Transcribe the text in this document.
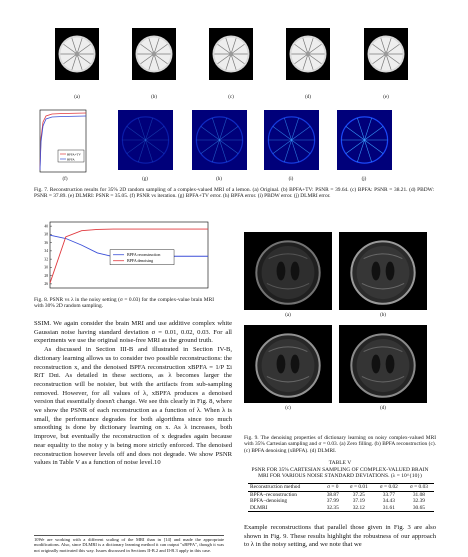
(a)	(b)	(c)	(d)	(e)
(g)	(h)	(i)	(j)
(f)
BPFA+TV
BPFA
Fig. 7. Reconstruction results for 35% 2D random sampling of a complex-valued MRI of a lemon. (a) Original. (b) BPFA+TV: PSNR = 39.64. (c) BPFA: PSNR = 38.21. (d) PBDW: PSNR = 37.89. (e) DLMRI: PSNR = 35.05. (f) PSNR vs iteration. (g) BPFA+TV error. (h) BPFA error. (i) PBDW error. (j) DLMRI error.
40
38
36
34
32
30
28
26
BPFA reconstruction
BPFA denoising
Fig. 8. PSNR vs λ in the noisy setting (σ = 0.03) for the complex-value brain MRI with 30% 2D random sampling.
(a)	(b)
(c)	(d)
Fig. 9. The denoising properties of dictionary learning on noisy complex-valued MRI with 35% Cartesian sampling and σ = 0.03. (a) Zero filling. (b) BPFA reconstruction (c). (c) BPFA denoising (xBPFA). (d) DLMRI.
TABLE V
PSNR FOR 35% CARTESIAN SAMPLING OF COMPLEX-VALUED BRAIN
MRI FOR VARIOUS NOISE STANDARD DEVIATIONS. (λ = 10^{10})
Reconstruction method	σ = 0	σ = 0.01	σ = 0.02	σ = 0.03
BPFA−reconstruction	38.87	37.25	33.77	31.08
BPFA−denoising	37.99	37.19	34.43	32.39
DLMRI	32.35	32.12	31.61	30.65

SSIM. We again consider the brain MRI and use additive complex white Gaussian noise having standard deviation σ = 0.01, 0.02, 0.03. For all experiments we use the original noise-free MRI as the ground truth.

As discussed in Section III-B and illustrated in Section IV-B, dictionary learning allows us to consider two possible reconstructions: the reconstruction x, and the denoised BPFA reconstruction xBPFA = 1/P Σi RiT Dαi. As detailed in these sections, as λ becomes larger the reconstruction will be noisier, but with the artifacts from sub-sampling removed. However, for all values of λ, xBPFA produces a denoised version that essentially doesn't change. We see this clearly in Fig. 8, where we show the PSNR of each reconstruction as a function of λ. When λ is small, the performance degrades for both algorithms since too much smoothing is done by dictionary learning on x. As λ increases, both improve, but eventually the reconstruction of x degrades again because near equality to the noisy y is being more strictly enforced. The denoised reconstruction however levels off and does not degrade. We show PSNR values in Table V as a function of noise level.10

10We are working with a different scaling of the MRI than in [14] and made the appropriate modifications. Also, since DLMRI is a dictionary learning method it can output "xBPFA", though it was not originally motivated this way. Issues discussed in Sections II-B.2 and II-B.3 apply in this case.
Example reconstructions that parallel those given in Fig. 3 are also shown in Fig. 9. These results highlight the robustness of our approach to λ in the noisy setting, and we note that we
